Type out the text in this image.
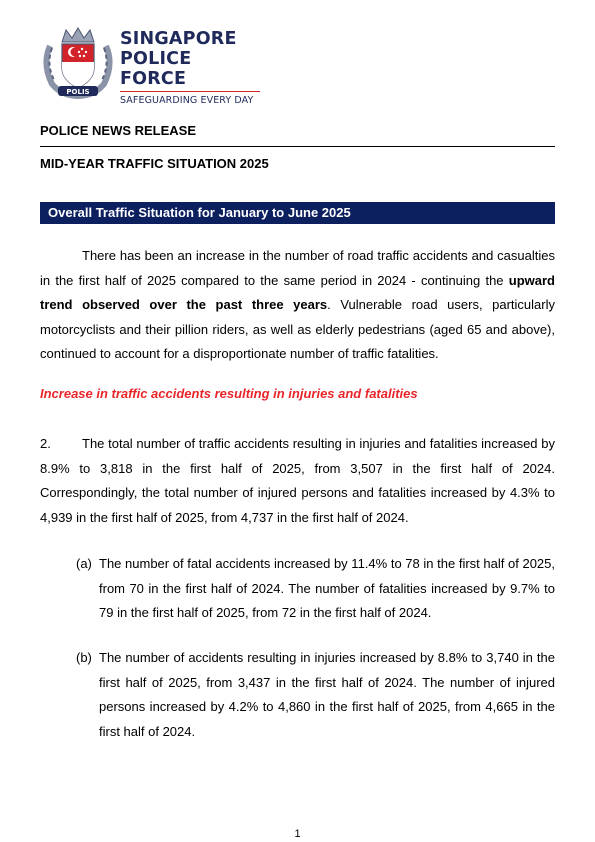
POLIS
SINGAPORE
POLICE FORCE
SAFEGUARDING EVERY DAY
POLICE NEWS RELEASE
MID-YEAR TRAFFIC SITUATION 2025
Overall Traffic Situation for January to June 2025

There has been an increase in the number of road traffic accidents and casualties in the first half of 2025 compared to the same period in 2024 - continuing the upward trend observed over the past three years. Vulnerable road users, particularly motorcyclists and their pillion riders, as well as elderly pedestrians (aged 65 and above), continued to account for a disproportionate number of traffic fatalities.

Increase in traffic accidents resulting in injuries and fatalities

2. The total number of traffic accidents resulting in injuries and fatalities increased by 8.9% to 3,818 in the first half of 2025, from 3,507 in the first half of 2024. Correspondingly, the total number of injured persons and fatalities increased by 4.3% to 4,939 in the first half of 2025, from 4,737 in the first half of 2024.

(a) The number of fatal accidents increased by 11.4% to 78 in the first half of 2025, from 70 in the first half of 2024. The number of fatalities increased by 9.7% to 79 in the first half of 2025, from 72 in the first half of 2024.
(b) The number of accidents resulting in injuries increased by 8.8% to 3,740 in the first half of 2025, from 3,437 in the first half of 2024. The number of injured persons increased by 4.2% to 4,860 in the first half of 2025, from 4,665 in the first half of 2024.
1
